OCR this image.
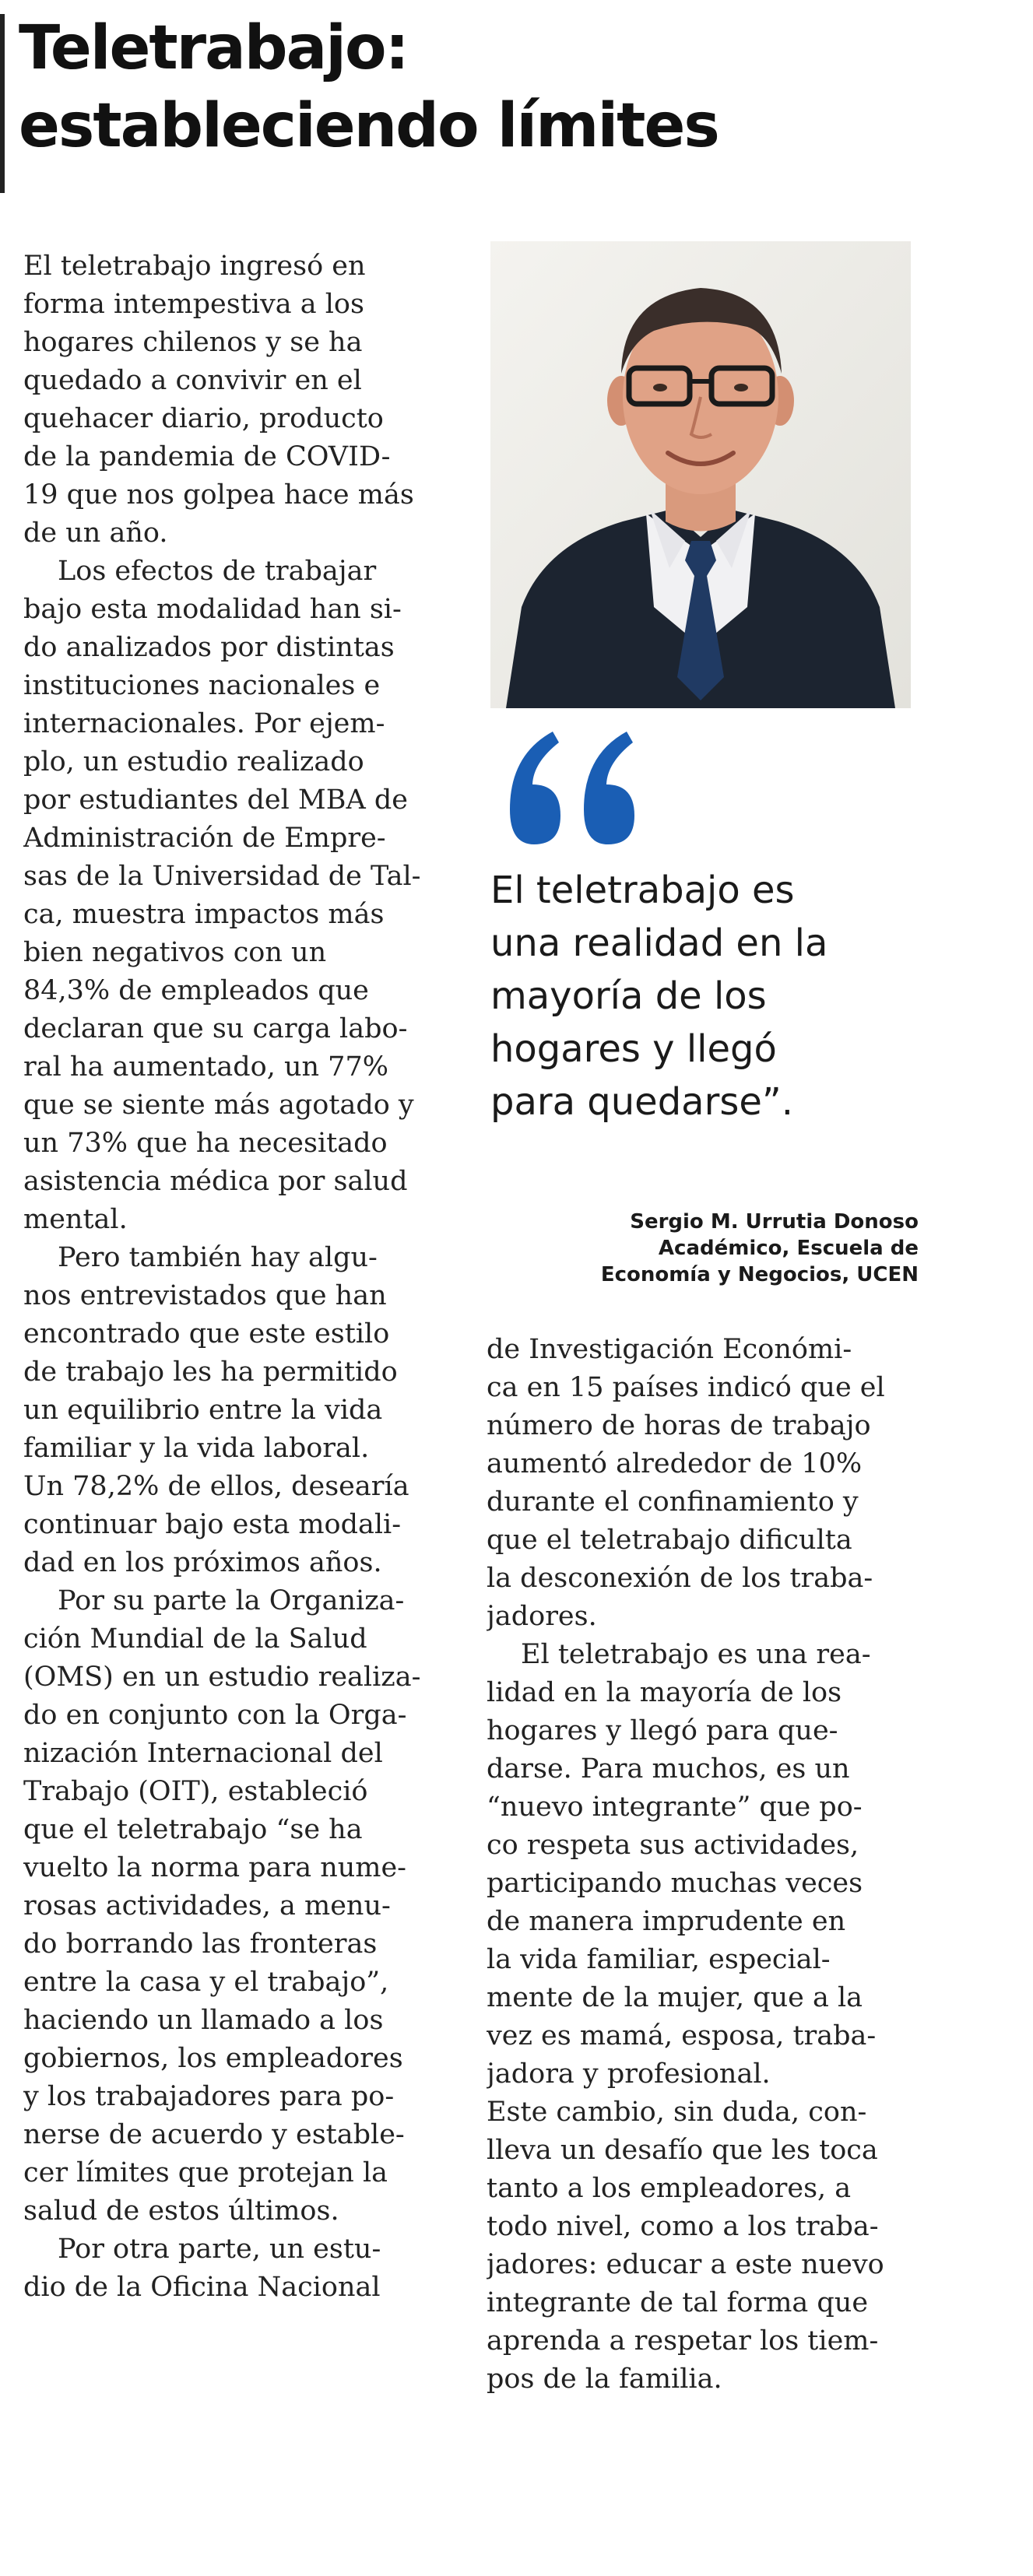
Teletrabajo:
estableciendo límites

El teletrabajo ingresó en
forma intempestiva a los
hogares chilenos y se ha
quedado a convivir en el
quehacer diario, producto
de la pandemia de COVID-
19 que nos golpea hace más
de un año.

Los efectos de trabajar
bajo esta modalidad han si-
do analizados por distintas
instituciones nacionales e
internacionales. Por ejem-
plo, un estudio realizado
por estudiantes del MBA de
Administración de Empre-
sas de la Universidad de Tal-
ca, muestra impactos más
bien negativos con un
84,3% de empleados que
declaran que su carga labo-
ral ha aumentado, un 77%
que se siente más agotado y
un 73% que ha necesitado
asistencia médica por salud
mental.

Pero también hay algu-
nos entrevistados que han
encontrado que este estilo
de trabajo les ha permitido
un equilibrio entre la vida
familiar y la vida laboral.
Un 78,2% de ellos, desearía
continuar bajo esta modali-
dad en los próximos años.

Por su parte la Organiza-
ción Mundial de la Salud
(OMS) en un estudio realiza-
do en conjunto con la Orga-
nización Internacional del
Trabajo (OIT), estableció
que el teletrabajo “se ha
vuelto la norma para nume-
rosas actividades, a menu-
do borrando las fronteras
entre la casa y el trabajo”,
haciendo un llamado a los
gobiernos, los empleadores
y los trabajadores para po-
nerse de acuerdo y estable-
cer límites que protejan la
salud de estos últimos.

Por otra parte, un estu-
dio de la Oficina Nacional

El teletrabajo es
una realidad en la
mayoría de los
hogares y llegó
para quedarse”.

Sergio M. Urrutia Donoso
Académico, Escuela de
Economía y Negocios, UCEN

de Investigación Económi-
ca en 15 países indicó que el
número de horas de trabajo
aumentó alrededor de 10%
durante el confinamiento y
que el teletrabajo dificulta
la desconexión de los traba-
jadores.

El teletrabajo es una rea-
lidad en la mayoría de los
hogares y llegó para que-
darse. Para muchos, es un
“nuevo integrante” que po-
co respeta sus actividades,
participando muchas veces
de manera imprudente en
la vida familiar, especial-
mente de la mujer, que a la
vez es mamá, esposa, traba-
jadora y profesional.

Este cambio, sin duda, con-
lleva un desafío que les toca
tanto a los empleadores, a
todo nivel, como a los traba-
jadores: educar a este nuevo
integrante de tal forma que
aprenda a respetar los tiem-
pos de la familia.
